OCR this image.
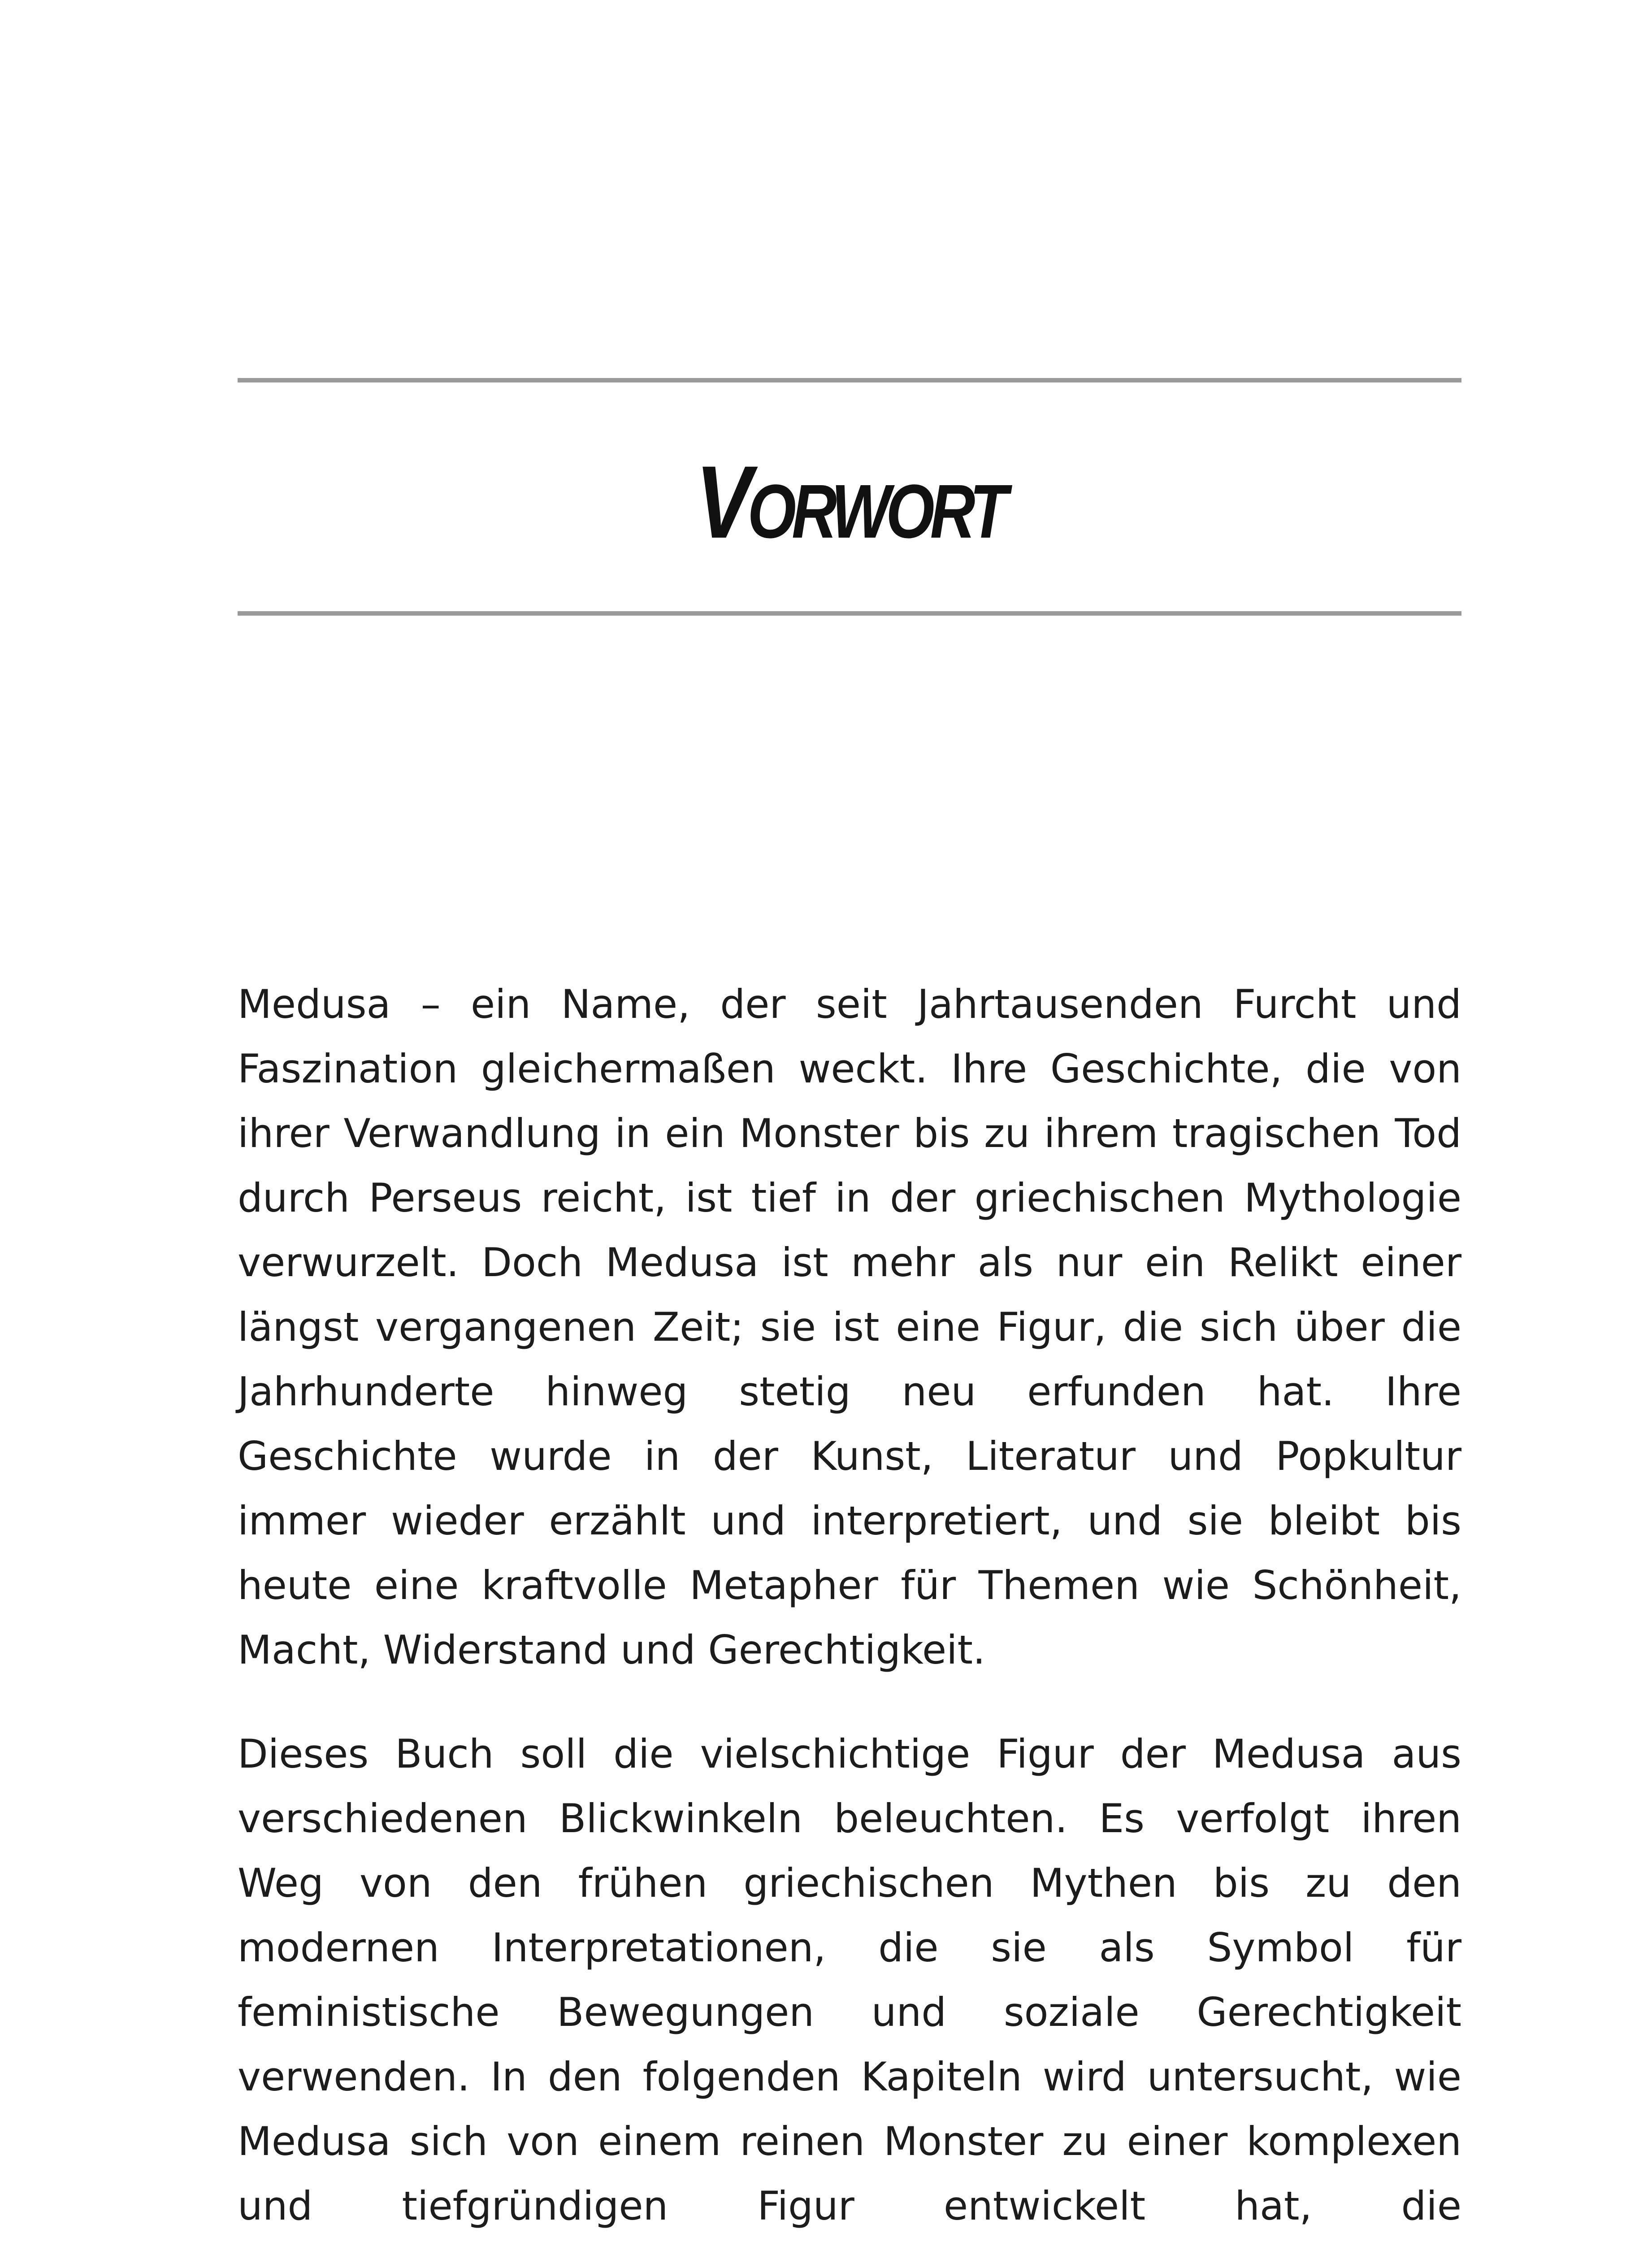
VORWORT

Medusa – ein Name, der seit Jahrtausenden Furcht und Faszination gleichermaßen weckt. Ihre Geschichte, die von ihrer Verwandlung in ein Monster bis zu ihrem tragischen Tod durch Perseus reicht, ist tief in der griechischen Mythologie verwurzelt. Doch Medusa ist mehr als nur ein Relikt einer längst vergangenen Zeit; sie ist eine Figur, die sich über die Jahrhunderte hinweg stetig neu erfunden hat. Ihre Geschichte wurde in der Kunst, Literatur und Popkultur immer wieder erzählt und interpretiert, und sie bleibt bis heute eine kraftvolle Metapher für Themen wie Schönheit, Macht, Widerstand und Gerechtigkeit.

Dieses Buch soll die vielschichtige Figur der Medusa aus verschiedenen Blickwinkeln beleuchten. Es verfolgt ihren Weg von den frühen griechischen Mythen bis zu den modernen Interpretationen, die sie als Symbol für feministische Bewegungen und soziale Gerechtigkeit verwenden. In den folgenden Kapiteln wird untersucht, wie Medusa sich von einem reinen Monster zu einer komplexen und tiefgründigen Figur entwickelt hat, die
